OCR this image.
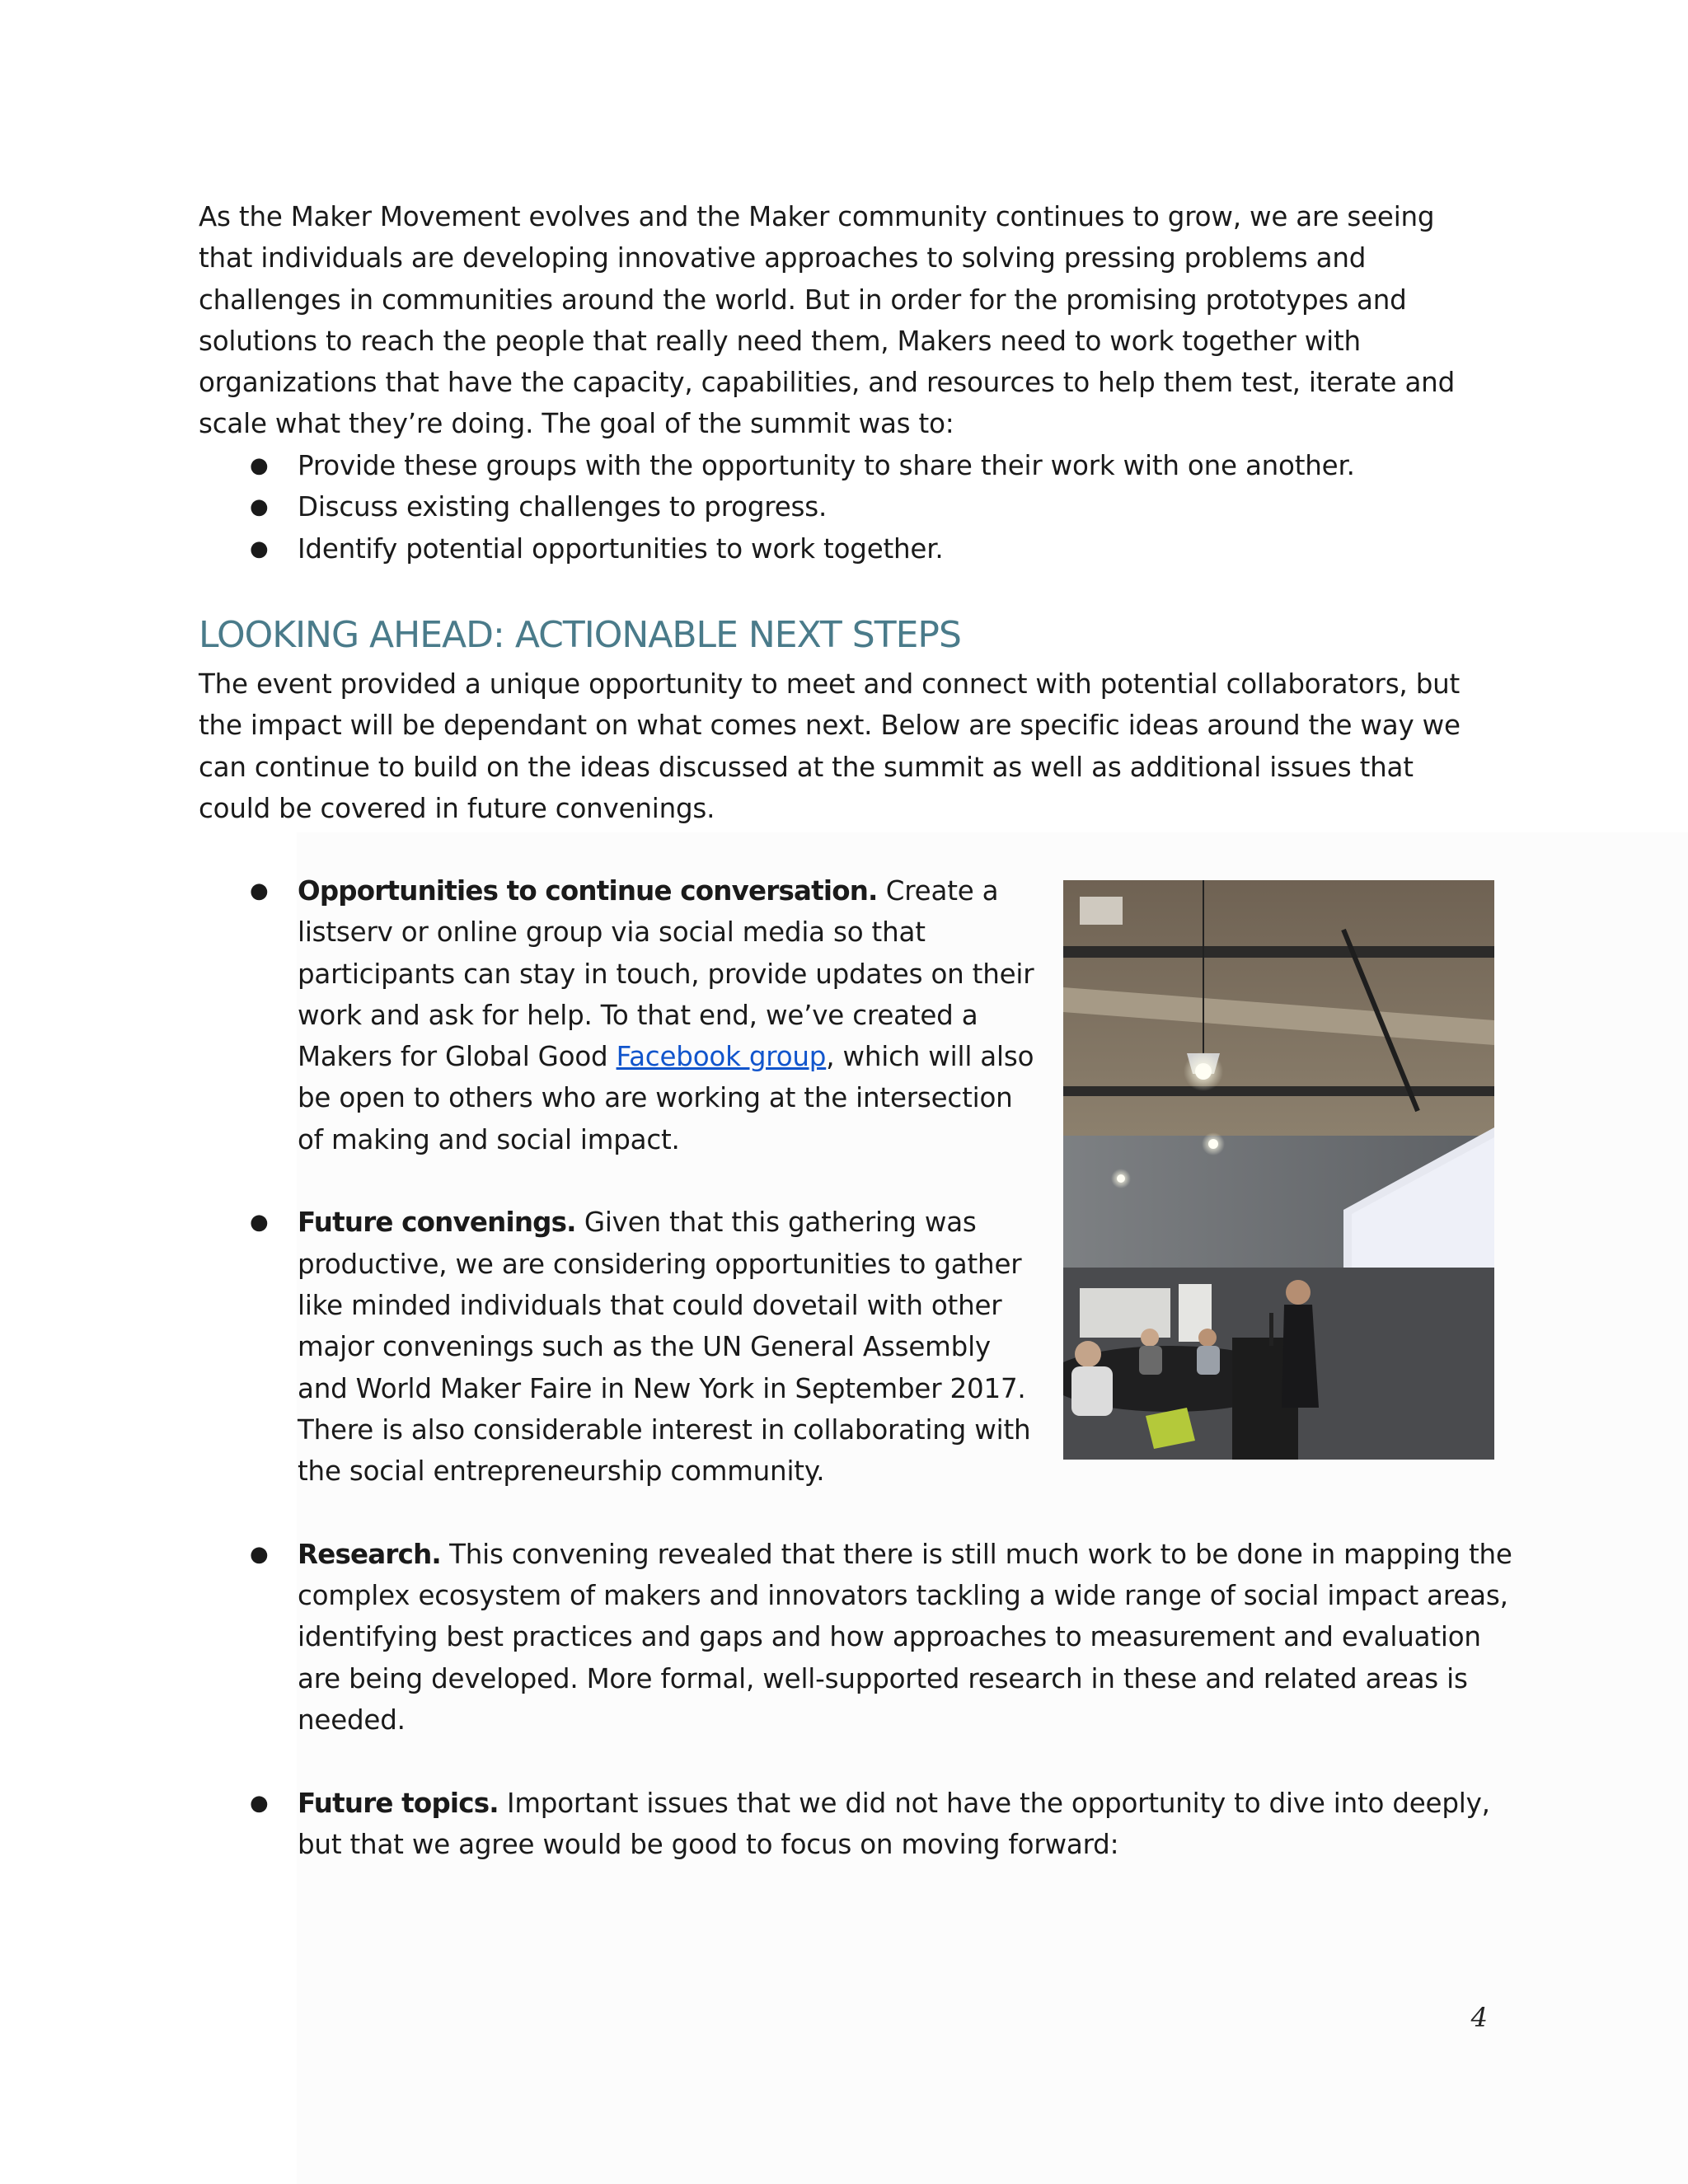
As the Maker Movement evolves and the Maker community continues to grow, we are seeing that individuals are developing innovative approaches to solving pressing problems and challenges in communities around the world. But in order for the promising prototypes and solutions to reach the people that really need them, Makers need to work together with organizations that have the capacity, capabilities, and resources to help them test, iterate and scale what they’re doing. The goal of the summit was to:

● Provide these groups with the opportunity to share their work with one another.
● Discuss existing challenges to progress.
● Identify potential opportunities to work together.
LOOKING AHEAD: ACTIONABLE NEXT STEPS

The event provided a unique opportunity to meet and connect with potential collaborators, but the impact will be dependant on what comes next. Below are specific ideas around the way we can continue to build on the ideas discussed at the summit as well as additional issues that could be covered in future convenings.

● Opportunities to continue conversation. Create a listserv or online group via social media so that participants can stay in touch, provide updates on their work and ask for help. To that end, we’ve created a Makers for Global Good Facebook group, which will also be open to others who are working at the intersection of making and social impact.
● Future convenings. Given that this gathering was productive, we are considering opportunities to gather like minded individuals that could dovetail with other major convenings such as the UN General Assembly and World Maker Faire in New York in September 2017. There is also considerable interest in collaborating with the social entrepreneurship community.
● Research. This convening revealed that there is still much work to be done in mapping the complex ecosystem of makers and innovators tackling a wide range of social impact areas, identifying best practices and gaps and how approaches to measurement and evaluation are being developed. More formal, well-supported research in these and related areas is needed.
● Future topics. Important issues that we did not have the opportunity to dive into deeply, but that we agree would be good to focus on moving forward:
4
